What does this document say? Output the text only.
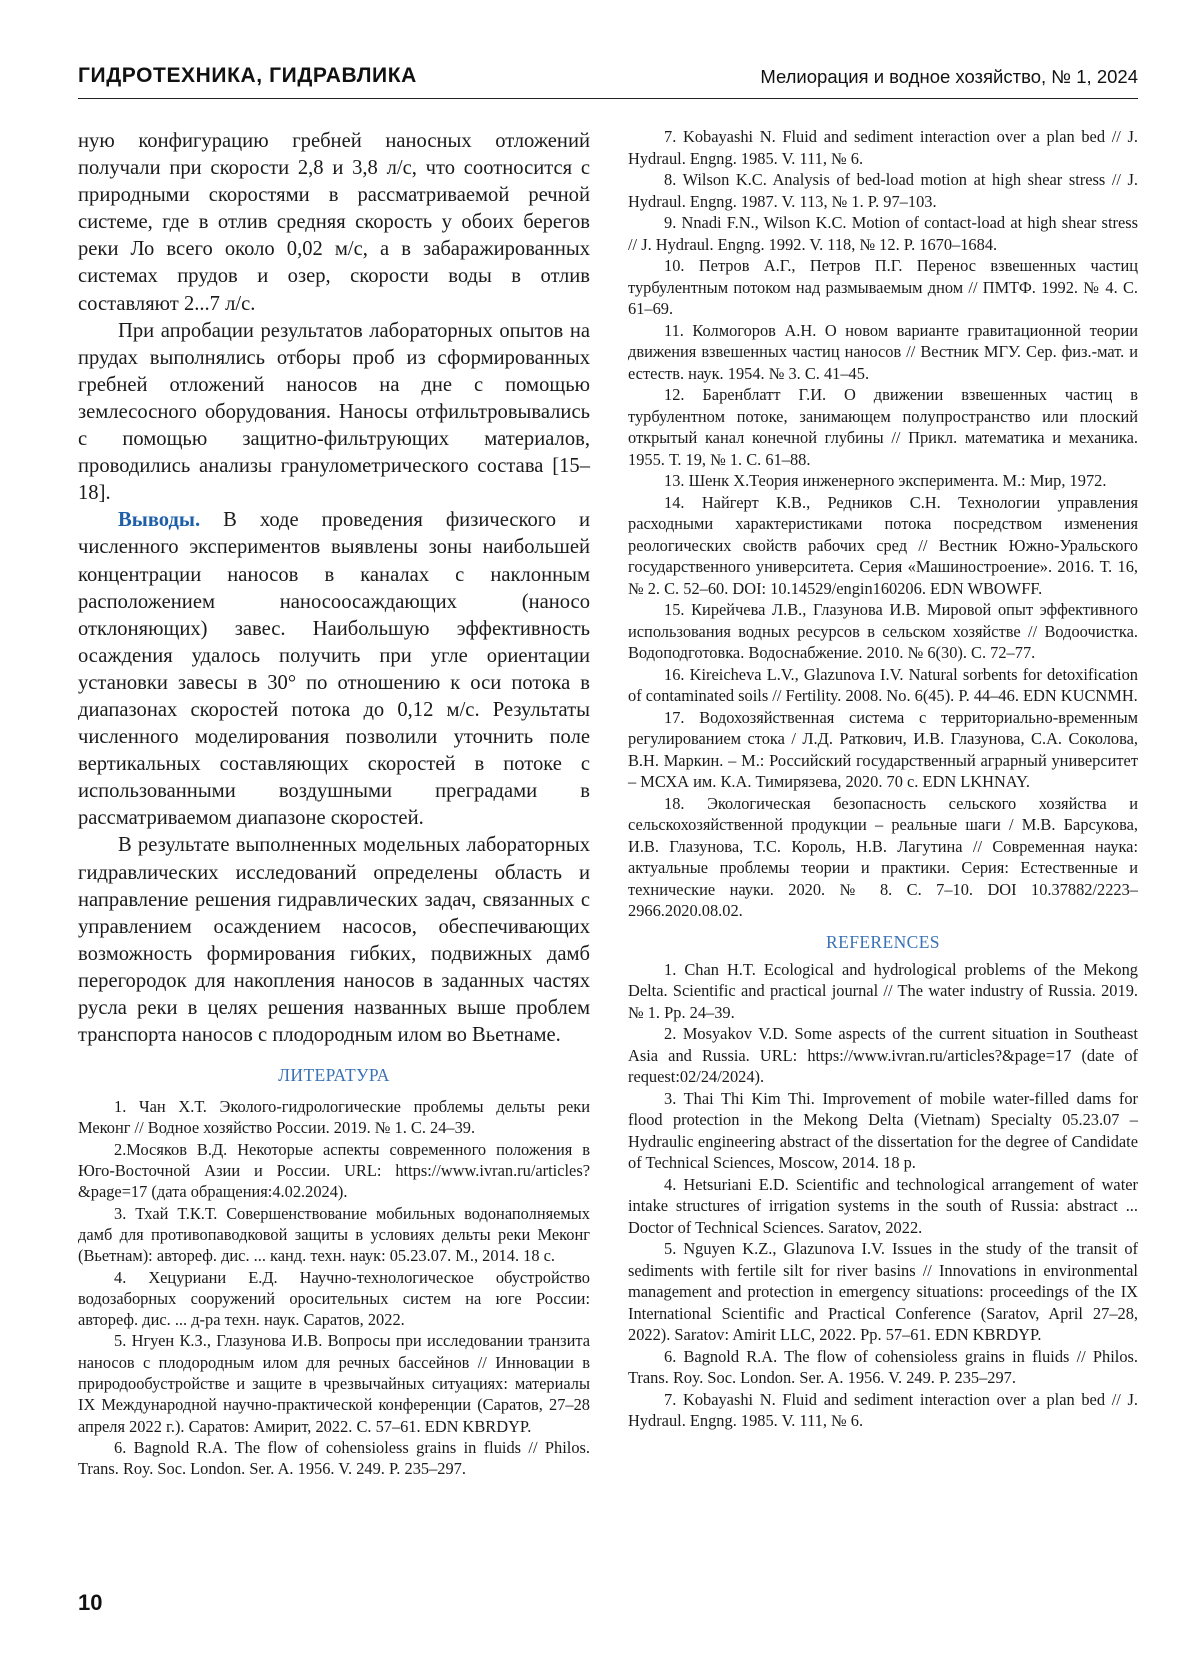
ГИДРОТЕХНИКА, ГИДРАВЛИКА	Мелиорация и водное хозяйство, № 1, 2024

ную конфигурацию гребней наносных отложений получали при скорости 2,8 и 3,8 л/с, что соотносится с природными скоростями в рассматриваемой речной системе, где в отлив средняя скорость у обоих берегов реки Ло всего около 0,02 м/с, а в забаражированных системах прудов и озер, скорости воды в отлив составляют 2...7 л/с.

При апробации результатов лабораторных опытов на прудах выполнялись отборы проб из сформированных гребней отложений наносов на дне с помощью землесосного оборудования. Наносы отфильтровывались с помощью защитно-фильтрующих материалов, проводились анализы гранулометрического состава [15–18].

Выводы. В ходе проведения физического и численного экспериментов выявлены зоны наибольшей концентрации наносов в каналах с наклонным расположением наносоосаждающих (наносо отклоняющих) завес. Наибольшую эффективность осаждения удалось получить при угле ориентации установки завесы в 30° по отношению к оси потока в диапазонах скоростей потока до 0,12 м/с. Результаты численного моделирования позволили уточнить поле вертикальных составляющих скоростей в потоке с использованными воздушными преградами в рассматриваемом диапазоне скоростей.

В результате выполненных модельных лабораторных гидравлических исследований определены область и направление решения гидравлических задач, связанных с управлением осаждением насосов, обеспечивающих возможность формирования гибких, подвижных дамб перегородок для накопления наносов в заданных частях русла реки в целях решения названных выше проблем транспорта наносов с плодородным илом во Вьетнаме.

ЛИТЕРАТУРА
1. Чан Х.Т. Эколого-гидрологические проблемы дельты реки Меконг // Водное хозяйство России. 2019. № 1. С. 24–39.
2.Мосяков В.Д. Некоторые аспекты современного положения в Юго-Восточной Азии и России. URL: https://www.ivran.ru/articles?&page=17 (дата обращения:4.02.2024).
3. Тхай Т.К.Т. Совершенствование мобильных водонаполняемых дамб для противопаводковой защиты в условиях дельты реки Меконг (Вьетнам): автореф. дис. ... канд. техн. наук: 05.23.07. М., 2014. 18 с.
4. Хецуриани Е.Д. Научно-технологическое обустройство водозаборных сооружений оросительных систем на юге России: автореф. дис. ... д-ра техн. наук. Саратов, 2022.
5. Нгуен К.З., Глазунова И.В. Вопросы при исследовании транзита наносов с плодородным илом для речных бассейнов // Инновации в природообустройстве и защите в чрезвычайных ситуациях: материалы IX Международной научно-практической конференции (Саратов, 27–28 апреля 2022 г.). Саратов: Амирит, 2022. С. 57–61. EDN KBRDYP.
6. Bagnold R.A. The flow of cohensioless grains in fluids // Philos. Trans. Roy. Soc. London. Ser. A. 1956. V. 249. P. 235–297.
7. Kobayashi N. Fluid and sediment interaction over a plan bed // J. Hydraul. Engng. 1985. V. 111, № 6.
8. Wilson K.C. Analysis of bed-load motion at high shear stress // J. Hydraul. Engng. 1987. V. 113, № 1. P. 97–103.
9. Nnadi F.N., Wilson K.C. Motion of contact-load at high shear stress // J. Hydraul. Engng. 1992. V. 118, № 12. P. 1670–1684.
10. Петров А.Г., Петров П.Г. Перенос взвешенных частиц турбулентным потоком над размываемым дном // ПМТФ. 1992. № 4. С. 61–69.
11. Колмогоров А.Н. О новом варианте гравитационной теории движения взвешенных частиц наносов // Вестник МГУ. Сер. физ.-мат. и естеств. наук. 1954. № 3. С. 41–45.
12. Баренблатт Г.И. О движении взвешенных частиц в турбулентном потоке, занимающем полупространство или плоский открытый канал конечной глубины // Прикл. математика и механика. 1955. Т. 19, № 1. С. 61–88.
13. Шенк Х.Теория инженерного эксперимента. М.: Мир, 1972.
14. Найгерт К.В., Редников С.Н. Технологии управления расходными характеристиками потока посредством изменения реологических свойств рабочих сред // Вестник Южно-Уральского государственного университета. Серия «Машиностроение». 2016. Т. 16, № 2. С. 52–60. DOI: 10.14529/engin160206. EDN WBOWFF.
15. Кирейчева Л.В., Глазунова И.В. Мировой опыт эффективного использования водных ресурсов в сельском хозяйстве // Водоочистка. Водоподготовка. Водоснабжение. 2010. № 6(30). С. 72–77.
16. Kireicheva L.V., Glazunova I.V. Natural sorbents for detoxification of contaminated soils // Fertility. 2008. No. 6(45). P. 44–46. EDN KUCNMH.
17. Водохозяйственная система с территориально-временным регулированием стока / Л.Д. Раткович, И.В. Глазунова, С.А. Соколова, В.Н. Маркин. – М.: Российский государственный аграрный университет – МСХА им. К.А. Тимирязева, 2020. 70 с. EDN LKHNAY.
18. Экологическая безопасность сельского хозяйства и сельскохозяйственной продукции – реальные шаги / М.В. Барсукова, И.В. Глазунова, Т.С. Король, Н.В. Лагутина // Современная наука: актуальные проблемы теории и практики. Серия: Естественные и технические науки. 2020. № 8. С. 7–10. DOI 10.37882/2223–2966.2020.08.02.
REFERENCES
1. Chan H.T. Ecological and hydrological problems of the Mekong Delta. Scientific and practical journal // The water industry of Russia. 2019. № 1. Pp. 24–39.
2. Mosyakov V.D. Some aspects of the current situation in Southeast Asia and Russia. URL: https://www.ivran.ru/articles?&page=17 (date of request:02/24/2024).
3. Thai Thi Kim Thi. Improvement of mobile water-filled dams for flood protection in the Mekong Delta (Vietnam) Specialty 05.23.07 – Hydraulic engineering abstract of the dissertation for the degree of Candidate of Technical Sciences, Moscow, 2014. 18 p.
4. Hetsuriani E.D. Scientific and technological arrangement of water intake structures of irrigation systems in the south of Russia: abstract ... Doctor of Technical Sciences. Saratov, 2022.
5. Nguyen K.Z., Glazunova I.V. Issues in the study of the transit of sediments with fertile silt for river basins // Innovations in environmental management and protection in emergency situations: proceedings of the IX International Scientific and Practical Conference (Saratov, April 27–28, 2022). Saratov: Amirit LLC, 2022. Pp. 57–61. EDN KBRDYP.
6. Bagnold R.A. The flow of cohensioless grains in fluids // Philos. Trans. Roy. Soc. London. Ser. A. 1956. V. 249. P. 235–297.
7. Kobayashi N. Fluid and sediment interaction over a plan bed // J. Hydraul. Engng. 1985. V. 111, № 6.
10
